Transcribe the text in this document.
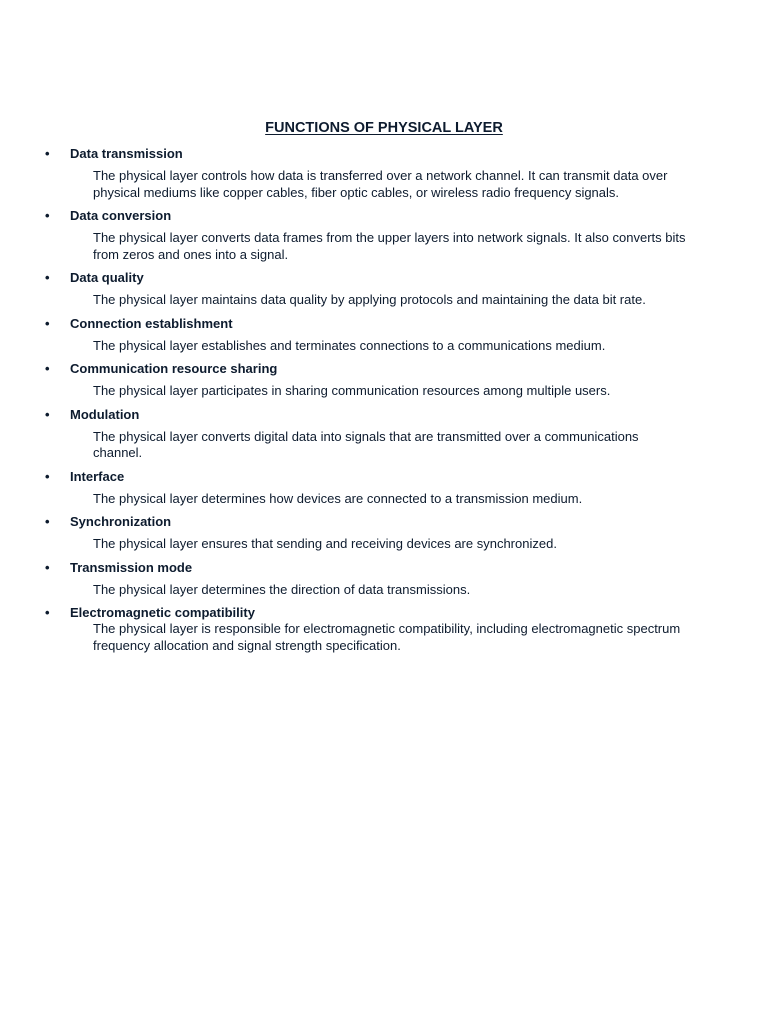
FUNCTIONS OF PHYSICAL LAYER
• Data transmission
The physical layer controls how data is transferred over a network channel. It can transmit data over physical mediums like copper cables, fiber optic cables, or wireless radio frequency signals.
• Data conversion
The physical layer converts data frames from the upper layers into network signals. It also converts bits from zeros and ones into a signal.
• Data quality
The physical layer maintains data quality by applying protocols and maintaining the data bit rate.
• Connection establishment
The physical layer establishes and terminates connections to a communications medium.
• Communication resource sharing
The physical layer participates in sharing communication resources among multiple users.
• Modulation
The physical layer converts digital data into signals that are transmitted over a communications channel.
• Interface
The physical layer determines how devices are connected to a transmission medium.
• Synchronization
The physical layer ensures that sending and receiving devices are synchronized.
• Transmission mode
The physical layer determines the direction of data transmissions.
• Electromagnetic compatibility
The physical layer is responsible for electromagnetic compatibility, including electromagnetic spectrum frequency allocation and signal strength specification.
